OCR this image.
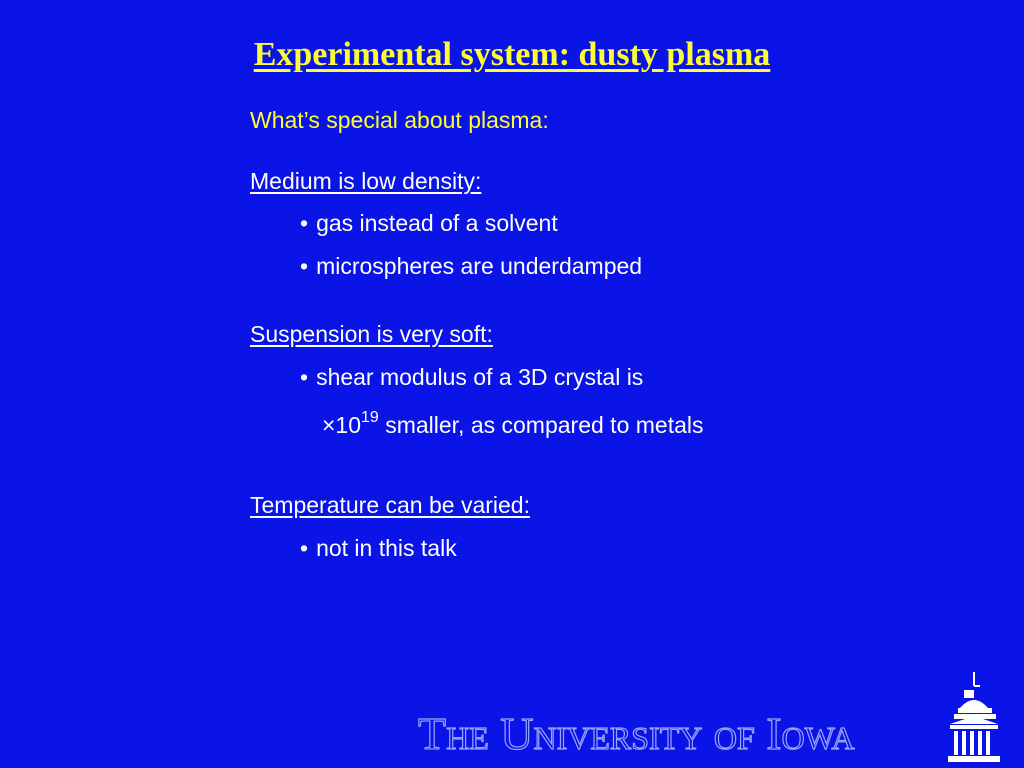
Experimental system: dusty plasma
What’s special about plasma:
Medium is low density:
• gas instead of a solvent
• microspheres are underdamped
Suspension is very soft:
• shear modulus of a 3D crystal is
$\times 10^{19}$ smaller, as compared to metals
Temperature can be varied:
• not in this talk
The University of Iowa
